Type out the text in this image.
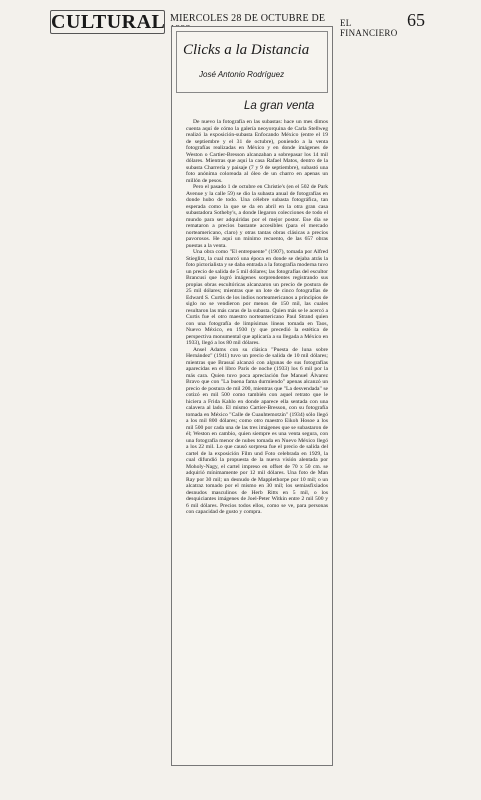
CULTURAL MIERCOLES 28 DE OCTUBRE DE	EL FINANCIERO
65
Clicks a la Distancia
José Antonio Rodríguez
La gran venta

De nuevo la fotografía en las subastas: hace un mes dimos cuenta aquí de cómo la galería neoyorquina de Carla Stellweg realizó la exposición-subasta Enfocando México (entre el 19 de septiembre y el 31 de octubre), poniendo a la venta fotografías realizadas en México y en donde imágenes de Weston o Cartier-Bresson alcanzaban a sobrepasar los 14 mil dólares. Mientras que aquí la casa Rafael Matos, dentro de la subasta Charrería y paisaje (7 y 9 de septiembre), subastó una foto anónima coloreada al óleo de un charro en apenas un millón de pesos.

Pero el pasado 1 de octubre en Christie's (en el 502 de Park Avenue y la calle 59) se dio la subasta anual de fotografías en donde hubo de todo. Una célebre subasta fotográfica, tan esperada como la que se da en abril en la otra gran casa subastadora Sotheby's, a donde llegaron colecciones de todo el mundo para ser adquiridas por el mejor postor. Ese día se remataron a precios bastante accesibles (para el mercado norteamericano, claro) y otras tantas obras clásicas a precios pavorosos. He aquí un mínimo recuento, de las 657 obras puestas a la venta.

Una obra como "El entrepuente" (1907), tomada por Alfred Stieglitz, la cual marcó una época en donde se dejaba atrás la foto pictorialista y se daba entrada a la fotografía moderna tuvo un precio de salida de 5 mil dólares; las fotografías del escultor Brancusi que logró imágenes sorprendentes registrando sus propias obras escultóricas alcanzaron un precio de postura de 25 mil dólares; mientras que un lote de cinco fotografías de Edward S. Curtis de los indios norteamericanos a principios de siglo no se vendieron por menos de 150 mil, las cuales resultaron las más caras de la subasta. Quien más se le acercó a Curtis fue el otro maestro norteamericano Paul Strand quien con una fotografía de limpísimas líneas tomada en Taos, Nuevo México, en 1930 (y que precedió la estética de perspectiva monumental que aplicaría a su llegada a México en 1933), llegó a los 80 mil dólares.

Ansel Adams con su clásica "Puesta de luna sobre Hernández" (1941) tuvo un precio de salida de 10 mil dólares; mientras que Brassaï alcanzó con algunas de sus fotografías aparecidas en el libro París de noche (1933) los 6 mil por la más cara. Quien tuvo poca apreciación fue Manuel Álvarez Bravo que con "La buena fama durmiendo" apenas alcanzó un precio de postura de mil 200, mientras que "La desvendada" se cotizó en mil 500 como también con aquel retrato que le hiciera a Frida Kahlo en donde aparece ella sentada con una calavera al lado. El mismo Cartier-Bresson, con su fotografía tomada en México "Calle de Cuauhtemotzín" (1934) sólo llegó a los mil 800 dólares; como otro maestro Eikoh Hosoe a los mil 500 por cada una de las tres imágenes que se subastaron de él; Weston en cambio, quien siempre es una venta segura, con una fotografía menor de nubes tomada en Nuevo México llegó a los 22 mil. Lo que causó sorpresa fue el precio de salida del cartel de la exposición Film und Foto celebrada en 1929, la cual difundió la propuesta de la nueva visión alentada por Moholy-Nagy, el cartel impreso en offset de 70 x 50 cm. se adquirió mínimamente por 12 mil dólares. Una foto de Man Ray por 30 mil; un desnudo de Mapplethorpe por 10 mil; o un alcatraz tomado por el mismo en 30 mil; los semiasfixiados desnudos masculinos de Herb Ritts en 5 mil, o los desquiciantes imágenes de Joel-Peter Witkin entre 2 mil 500 y 6 mil dólares. Precios todos ellos, como se ve, para personas con capacidad de gusto y compra.
